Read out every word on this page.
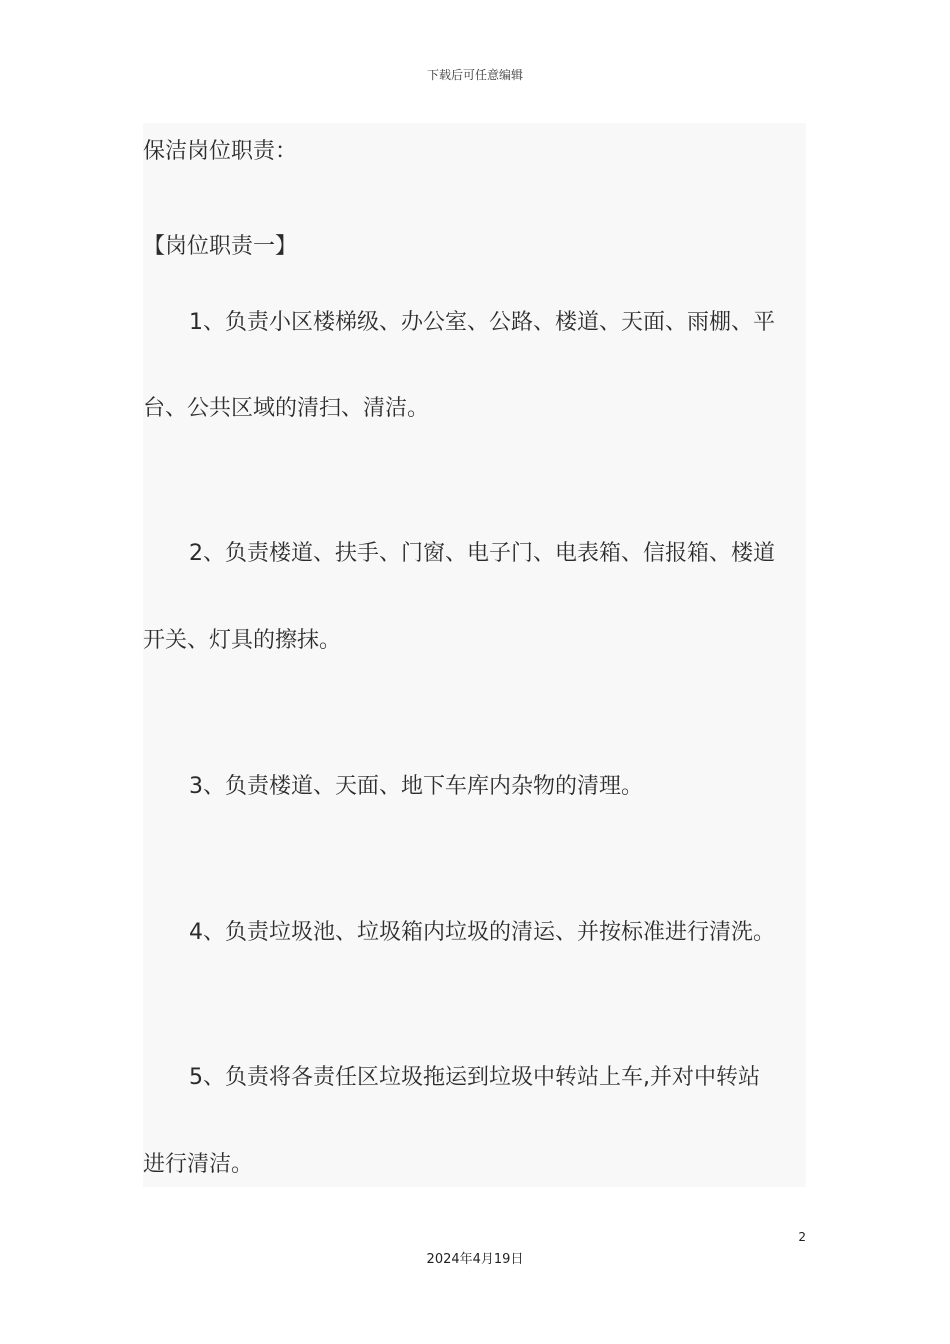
下载后可任意编辑
保洁岗位职责：
【岗位职责一】
1、负责小区楼梯级、办公室、公路、楼道、天面、雨棚、平
台、公共区域的清扫、清洁。
2、负责楼道、扶手、门窗、电子门、电表箱、信报箱、楼道
开关、灯具的擦抹。
3、负责楼道、天面、地下车库内杂物的清理。
4、负责垃圾池、垃圾箱内垃圾的清运、并按标准进行清洗。
5、负责将各责任区垃圾拖运到垃圾中转站上车,并对中转站
进行清洁。
2
2024年4月19日
